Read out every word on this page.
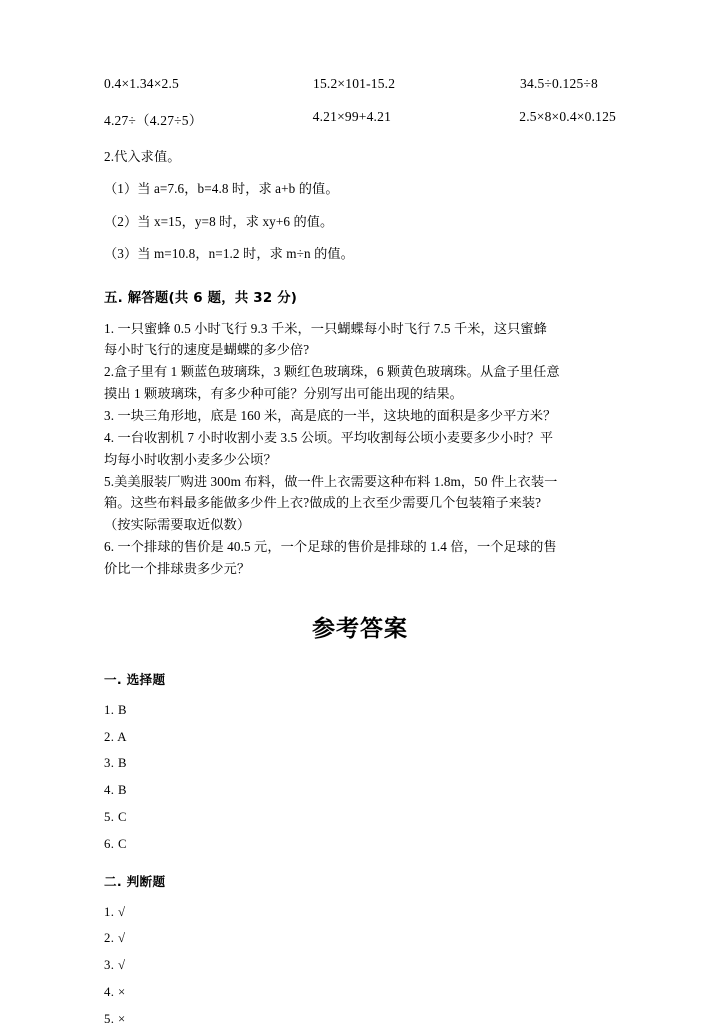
0.4×1.34×2.5	15.2×101-15.2	34.5÷0.125÷8
4.27÷（4.27÷5）	4.21×99+4.21	2.5×8×0.4×0.125

2.代入求值。

（1）当 a=7.6，b=4.8 时，求 a+b 的值。

（2）当 x=15，y=8 时，求 xy+6 的值。

（3）当 m=10.8，n=1.2 时，求 m÷n 的值。

五. 解答题(共 6 题，共 32 分)
1. 一只蜜蜂 0.5 小时飞行 9.3 千米，一只蝴蝶每小时飞行 7.5 千米，这只蜜蜂
每小时飞行的速度是蝴蝶的多少倍?
2.盒子里有 1 颗蓝色玻璃珠，3 颗红色玻璃珠，6 颗黄色玻璃珠。从盒子里任意
摸出 1 颗玻璃珠，有多少种可能？分别写出可能出现的结果。
3. 一块三角形地，底是 160 米，高是底的一半，这块地的面积是多少平方米？
4. 一台收割机 7 小时收割小麦 3.5 公顷。平均收割每公顷小麦要多少小时？平
均每小时收割小麦多少公顷？
5.美美服装厂购进 300m 布料，做一件上衣需要这种布料 1.8m，50 件上衣装一
箱。这些布料最多能做多少件上衣?做成的上衣至少需要几个包装箱子来装?
（按实际需要取近似数）
6. 一个排球的售价是 40.5 元，一个足球的售价是排球的 1.4 倍，一个足球的售
价比一个排球贵多少元？
参考答案
一. 选择题
1. B
2. A
3. B
4. B
5. C
6. C
二. 判断题
1. √
2. √
3. √
4. ×
5. ×
